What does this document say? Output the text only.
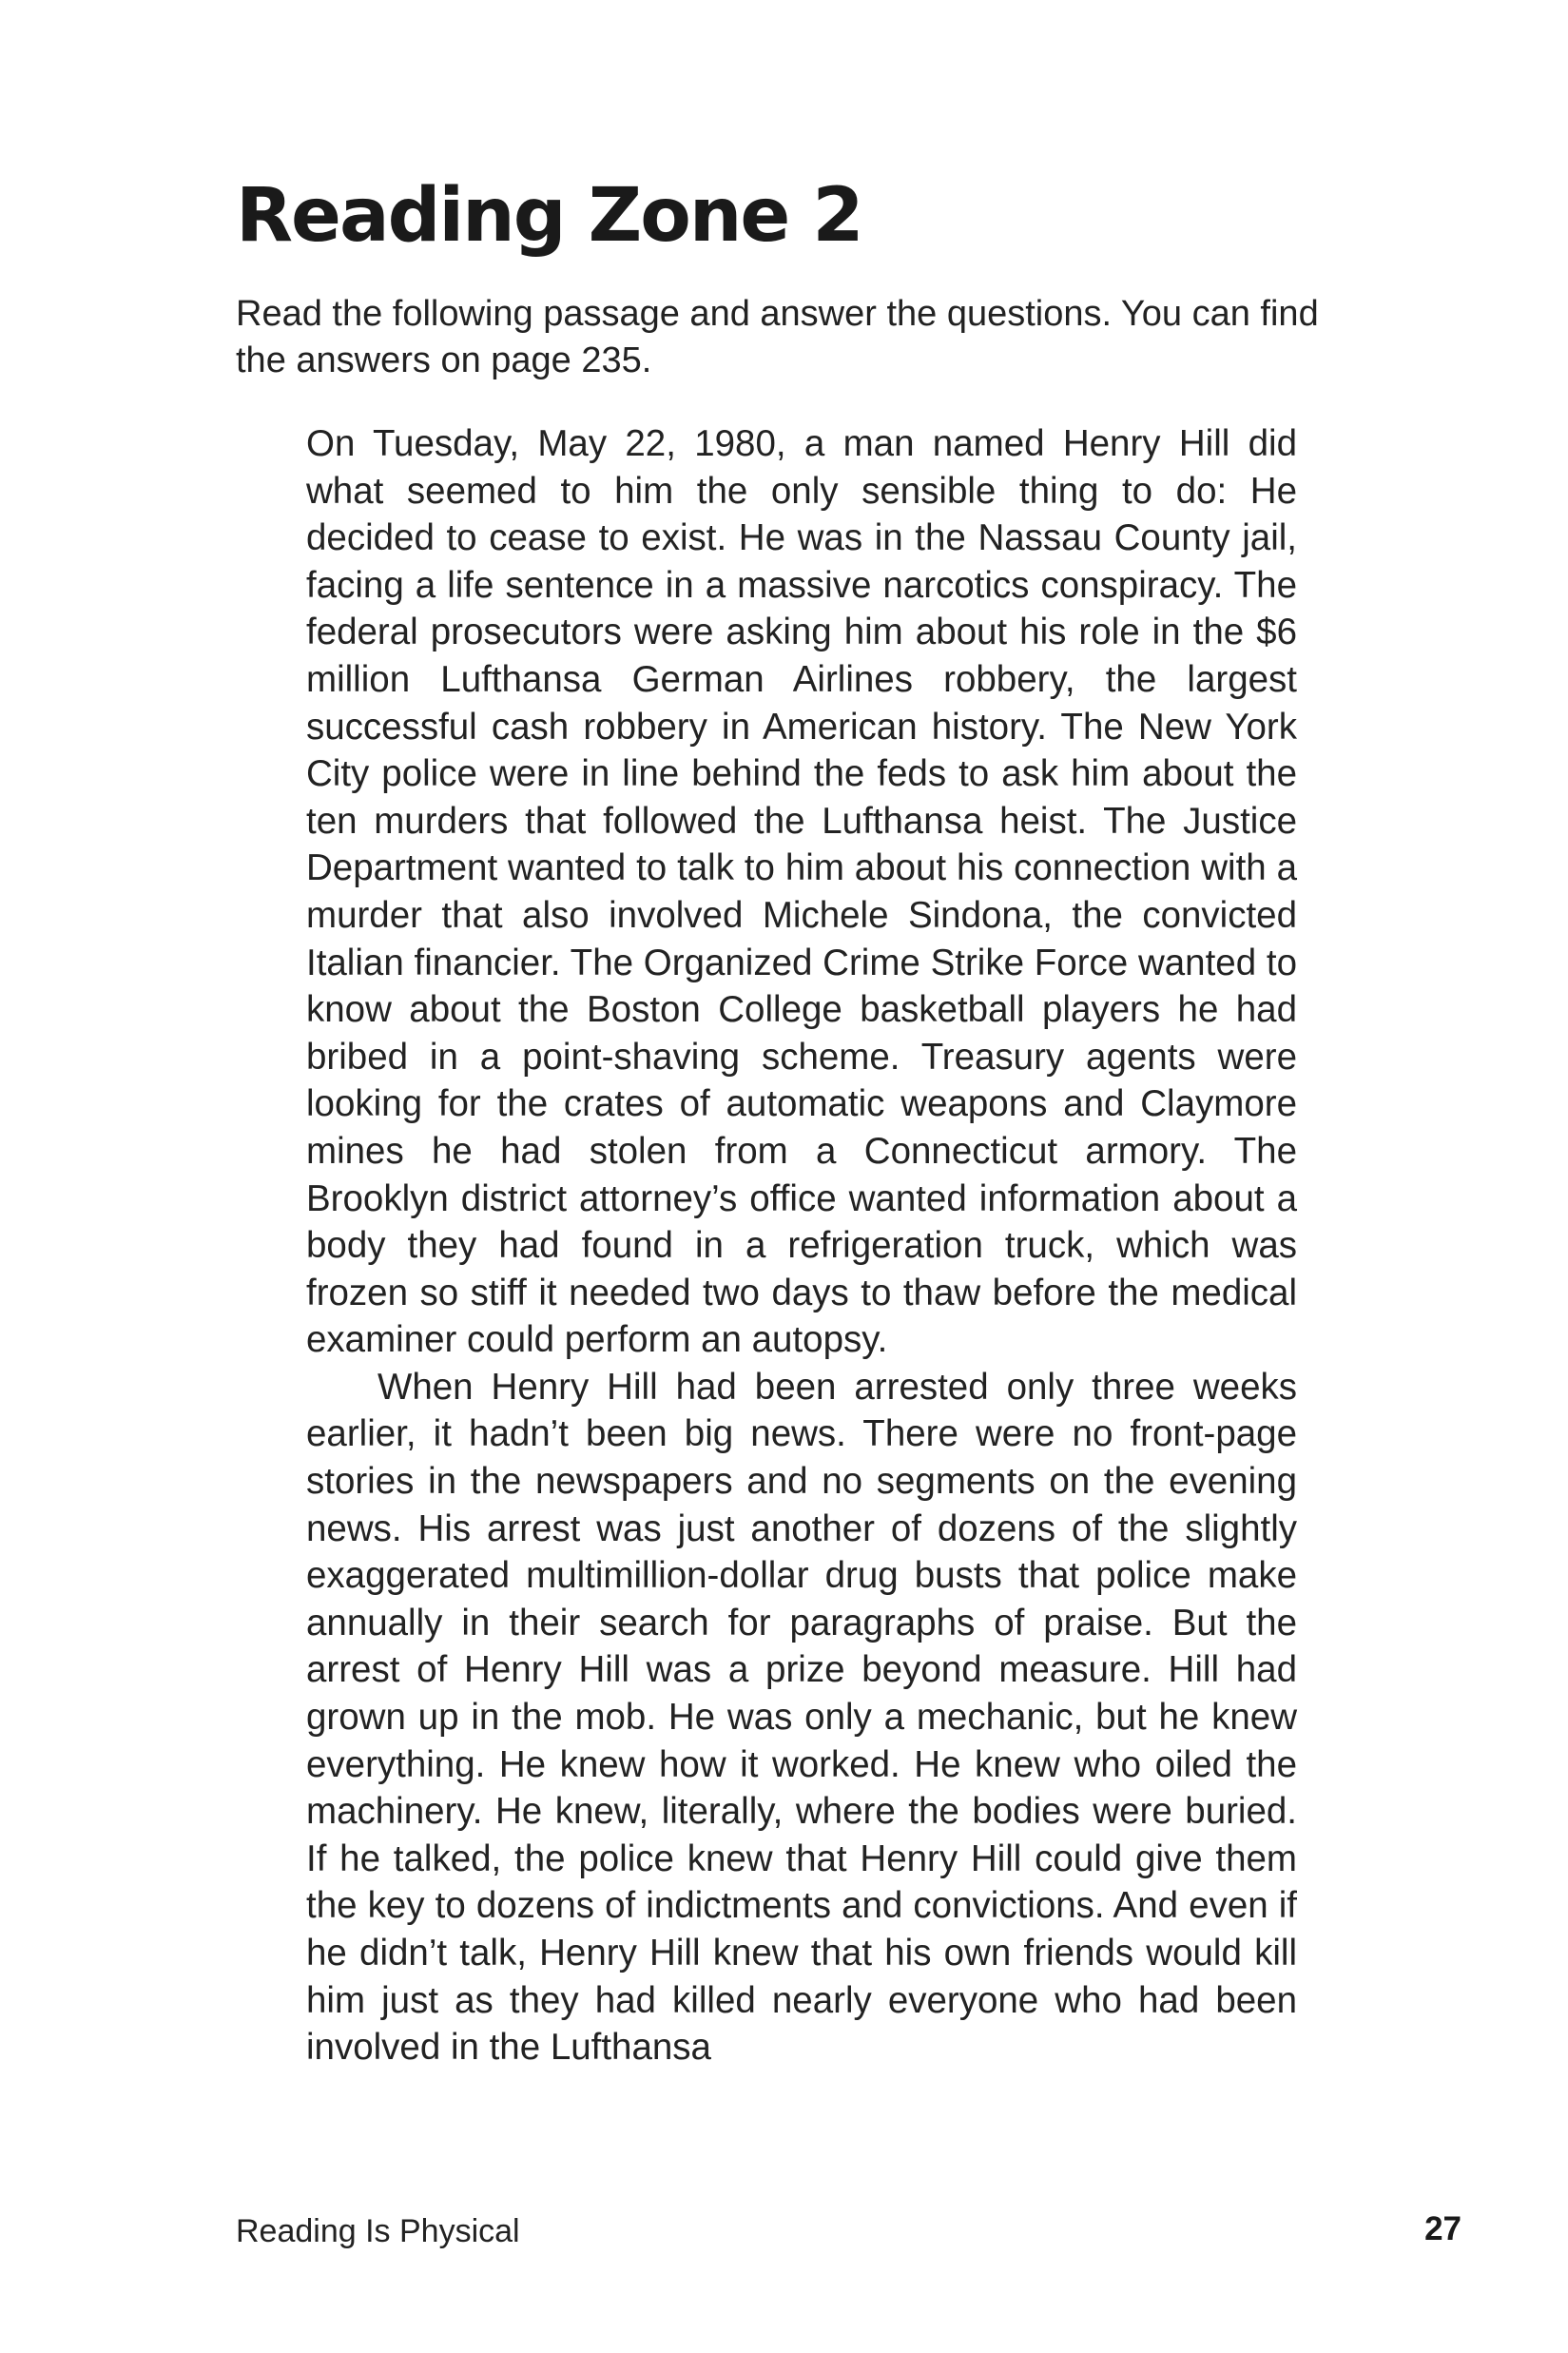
Reading Zone 2

Read the following passage and answer the questions. You can find the answers on page 235.

On Tuesday, May 22, 1980, a man named Henry Hill did what seemed to him the only sensible thing to do: He decided to cease to exist. He was in the Nassau County jail, facing a life sentence in a massive narcotics conspiracy. The federal prosecutors were asking him about his role in the $6 million Lufthansa German Airlines robbery, the largest successful cash robbery in American history. The New York City police were in line behind the feds to ask him about the ten murders that followed the Lufthansa heist. The Justice Department wanted to talk to him about his connection with a murder that also involved Michele Sindona, the convicted Italian financier. The Organized Crime Strike Force wanted to know about the Boston College basketball players he had bribed in a point-shaving scheme. Treasury agents were looking for the crates of automatic weapons and Claymore mines he had stolen from a Connecticut armory. The Brooklyn district attorney’s office wanted information about a body they had found in a refrigeration truck, which was frozen so stiff it needed two days to thaw before the medical examiner could perform an autopsy.

When Henry Hill had been arrested only three weeks earlier, it hadn’t been big news. There were no front-page stories in the newspapers and no segments on the evening news. His arrest was just another of dozens of the slightly exaggerated multimillion-dollar drug busts that police make annually in their search for paragraphs of praise. But the arrest of Henry Hill was a prize beyond measure. Hill had grown up in the mob. He was only a mechanic, but he knew everything. He knew how it worked. He knew who oiled the machinery. He knew, literally, where the bodies were buried. If he talked, the police knew that Henry Hill could give them the key to dozens of indictments and convictions. And even if he didn’t talk, Henry Hill knew that his own friends would kill him just as they had killed nearly everyone who had been involved in the Lufthansa

Reading Is Physical	27
